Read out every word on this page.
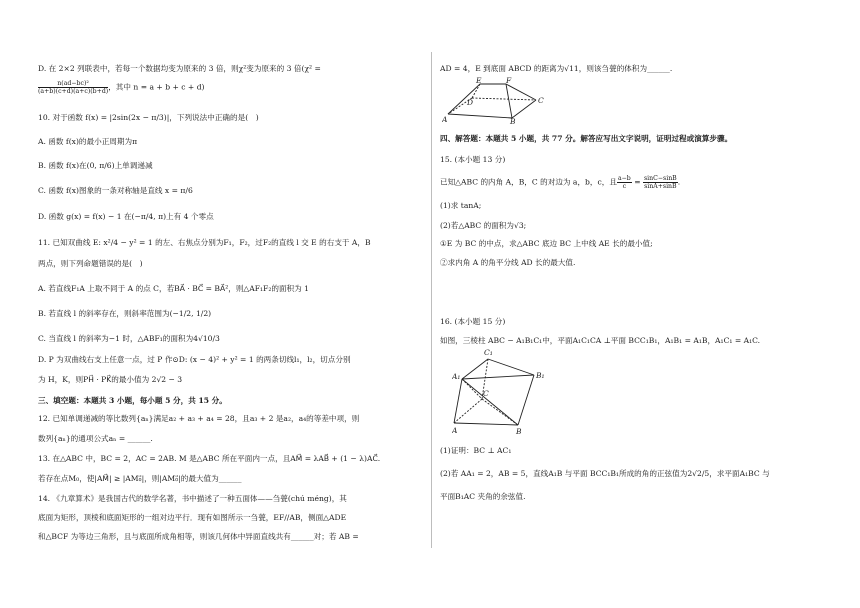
D. 在 2×2 列联表中，若每一个数据均变为原来的 3 倍，则χ²变为原来的 3 倍(χ² =
$\frac{\text{n(ad−bc)²}}{(a+b)(c+d)(a+c)(b+d)}$ ，其中 n = a + b + c + d)
10. 对于函数 f(x) = |2sin(2x − π/3)|，下列说法中正确的是(　)
A. 函数 f(x)的最小正周期为π
B. 函数 f(x)在(0, π/6)上单调递减
C. 函数 f(x)图象的一条对称轴是直线 x = π/6
D. 函数 g(x) = f(x) − 1 在(−π/4, π)上有 4 个零点
11. 已知双曲线 E: x²/4 − y² = 1 的左、右焦点分别为F₁，F₂，过F₂的直线 l 交 E 的右支于 A，B
两点，则下列命题错误的是(　)
A. 若直线F₁A 上取不同于 A 的点 C，若BA⃗ · BC⃗ = BA⃗²，则△AF₁F₂的面积为 1
B. 若直线 l 的斜率存在，则斜率范围为(−1/2, 1/2)
C. 当直线 l 的斜率为−1 时，△ABF₁的面积为4√10/3
D. P 为双曲线右支上任意一点，过 P 作⊙D: (x − 4)² + y² = 1 的两条切线l₁，l₂，切点分别
为 H，K，则PH⃗ · PK⃗的最小值为 2√2 − 3
三、填空题：本题共 3 小题，每小题 5 分，共 15 分。
12. 已知单调递减的等比数列{aₙ}满足a₂ + a₃ + a₄ = 28，且a₃ + 2 是a₂，a₄的等差中项，则
数列{aₙ}的通项公式aₙ = ______.
13. 在△ABC 中，BC = 2，AC = 2AB. M 是△ABC 所在平面内一点，且AM⃗ = λAB⃗ + (1 − λ)AC⃗.
若存在点M₀，使|AM⃗| ≥ |AM₀⃗|，则|AM₀⃗|的最大值为______
14. 《九章算术》是我国古代的数学名著，书中描述了一种五面体——刍甍(chú méng)，其
底面为矩形，顶棱和底面矩形的一组对边平行．现有如图所示一刍甍，EF//AB，侧面△ADE
和△BCF 为等边三角形，且与底面所成角相等，则该几何体中异面直线共有______对；若 AB =
AD = 4，E 到底面 ABCD 的距离为√11，则该刍甍的体积为______.
E	F
D	C
A	B
四、解答题：本题共 5 小题，共 77 分。解答应写出文字说明，证明过程或演算步骤。
15. (本小题 13 分)
已知△ABC 的内角 A，B，C 的对边为 a，b，c，且 $\frac{a-b}{c} = \frac{\sin C-\sin B}{\sin A+\sin B}$ .
(1)求 tanA;
(2)若△ABC 的面积为√3;
①E 为 BC 的中点，求△ABC 底边 BC 上中线 AE 长的最小值;
②求内角 A 的角平分线 AD 长的最大值.
16. (本小题 15 分)
如图，三棱柱 ABC − A₁B₁C₁中，平面A₁C₁CA ⊥平面 BCC₁B₁，A₁B₁ = A₁B，A₁C₁ = A₁C.
C₁
A₁	B₁
C
A	B
(1)证明：BC ⊥ AC₁
(2)若 AA₁ = 2，AB = 5，直线A₁B 与平面 BCC₁B₁所成的角的正弦值为2√2/5，求平面A₁BC 与
平面B₁AC 夹角的余弦值.
